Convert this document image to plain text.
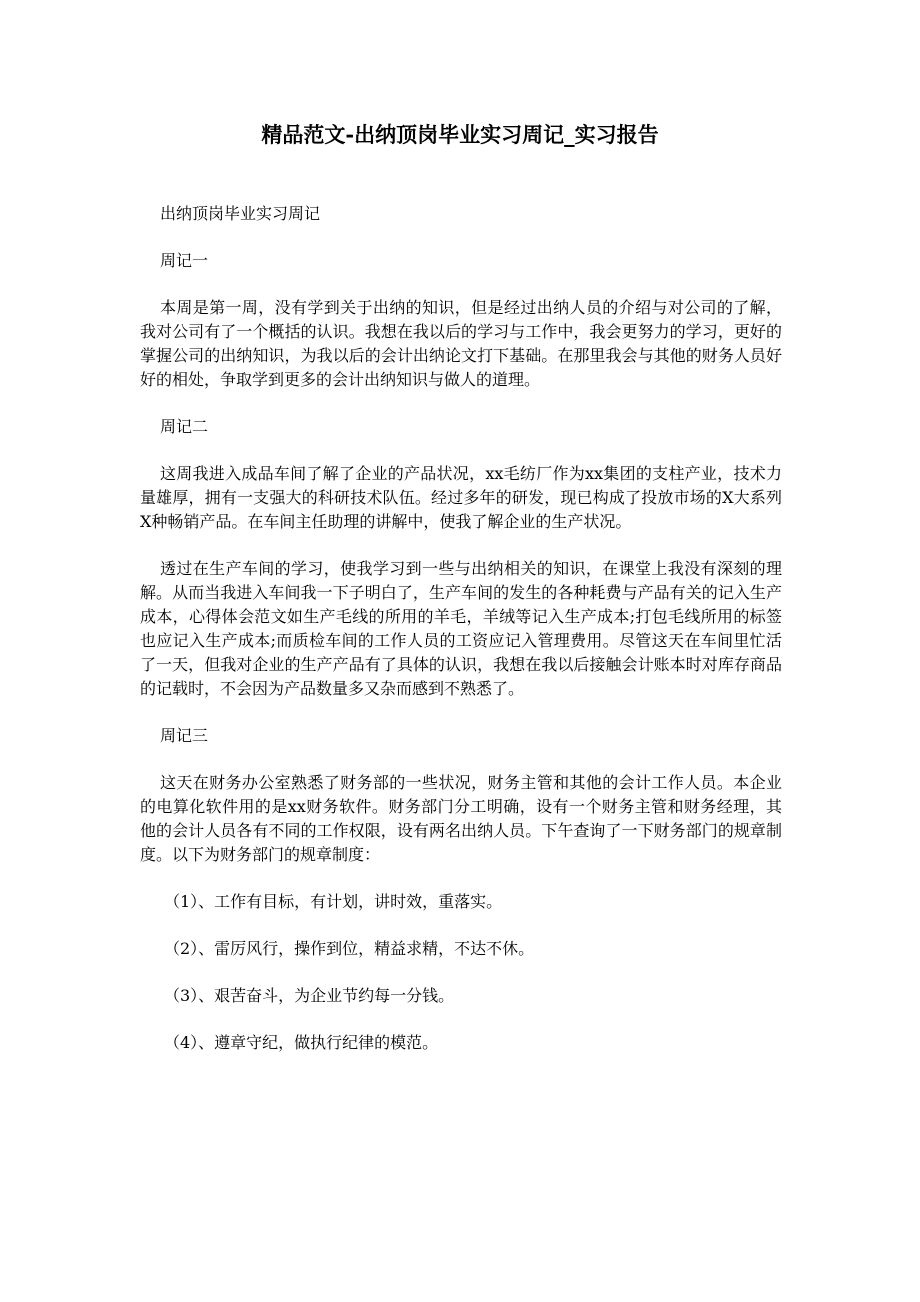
精品范文-出纳顶岗毕业实习周记_实习报告

出纳顶岗毕业实习周记

周记一

本周是第一周，没有学到关于出纳的知识，但是经过出纳人员的介绍与对公司的了解，我对公司有了一个概括的认识。我想在我以后的学习与工作中，我会更努力的学习，更好的掌握公司的出纳知识，为我以后的会计出纳论文打下基础。在那里我会与其他的财务人员好好的相处，争取学到更多的会计出纳知识与做人的道理。

周记二

这周我进入成品车间了解了企业的产品状况，xx毛纺厂作为xx集团的支柱产业，技术力量雄厚，拥有一支强大的科研技术队伍。经过多年的研发，现已构成了投放市场的X大系列X种畅销产品。在车间主任助理的讲解中，使我了解企业的生产状况。

透过在生产车间的学习，使我学习到一些与出纳相关的知识，在课堂上我没有深刻的理解。从而当我进入车间我一下子明白了，生产车间的发生的各种耗费与产品有关的记入生产成本，心得体会范文如生产毛线的所用的羊毛，羊绒等记入生产成本;打包毛线所用的标签也应记入生产成本;而质检车间的工作人员的工资应记入管理费用。尽管这天在车间里忙活了一天，但我对企业的生产产品有了具体的认识，我想在我以后接触会计账本时对库存商品的记载时，不会因为产品数量多又杂而感到不熟悉了。

周记三

这天在财务办公室熟悉了财务部的一些状况，财务主管和其他的会计工作人员。本企业的电算化软件用的是xx财务软件。财务部门分工明确，设有一个财务主管和财务经理，其他的会计人员各有不同的工作权限，设有两名出纳人员。下午查询了一下财务部门的规章制度。以下为财务部门的规章制度：

（1）、工作有目标，有计划，讲时效，重落实。

（2）、雷厉风行，操作到位，精益求精，不达不休。

（3）、艰苦奋斗，为企业节约每一分钱。

（4）、遵章守纪，做执行纪律的模范。
